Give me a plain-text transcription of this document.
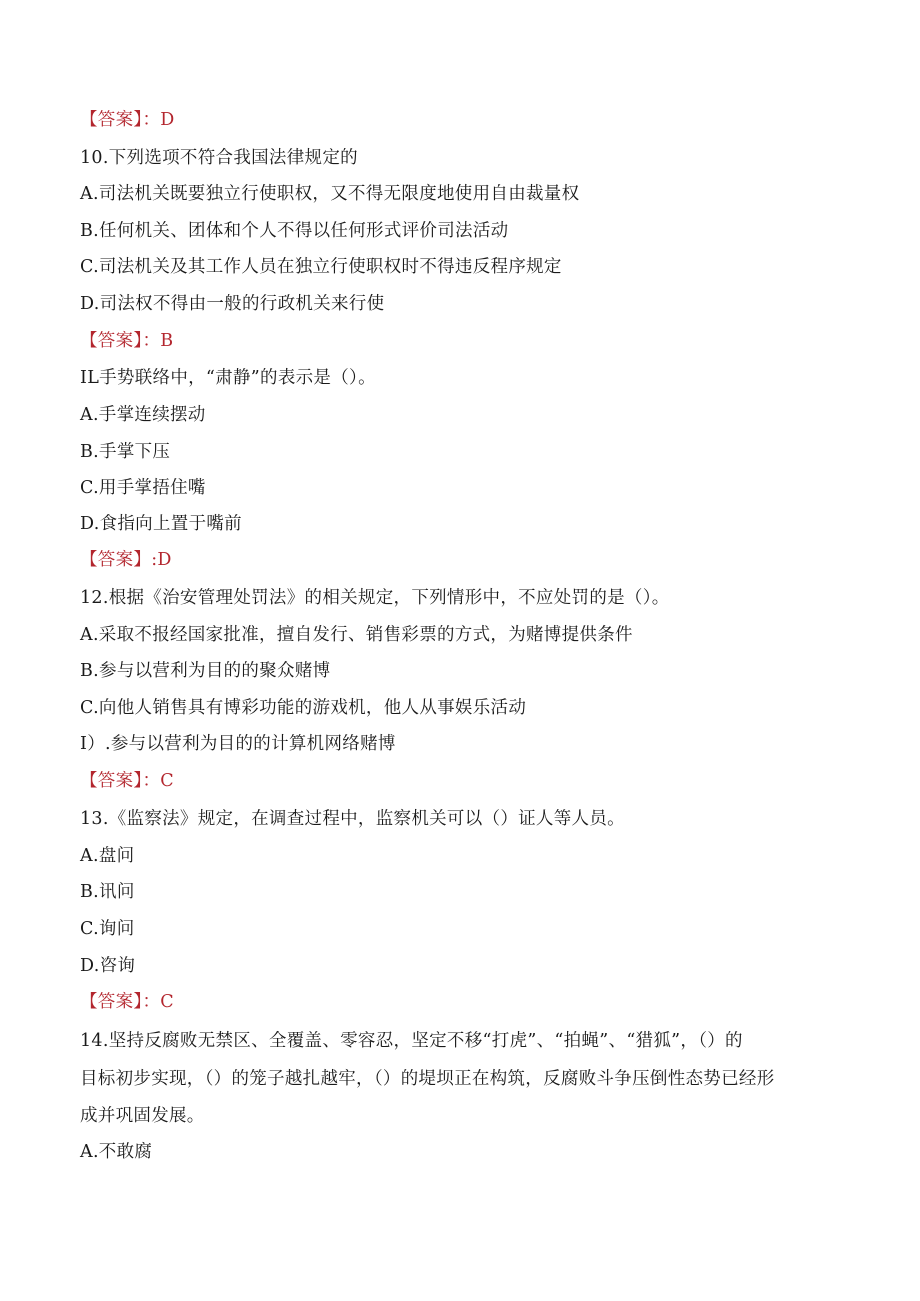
【答案】：D
10.下列选项不符合我国法律规定的
A.司法机关既要独立行使职权，又不得无限度地使用自由裁量权
B.任何机关、团体和个人不得以任何形式评价司法活动
C.司法机关及其工作人员在独立行使职权时不得违反程序规定
D.司法权不得由一般的行政机关来行使
【答案】：B
IL手势联络中，“肃静”的表示是（）。
A.手掌连续摆动
B.手掌下压
C.用手掌捂住嘴
D.食指向上置于嘴前
【答案】:D
12.根据《治安管理处罚法》的相关规定，下列情形中，不应处罚的是（）。
A.采取不报经国家批准，擅自发行、销售彩票的方式，为赌博提供条件
B.参与以营利为目的的聚众赌博
C.向他人销售具有博彩功能的游戏机，他人从事娱乐活动
I）.参与以营利为目的的计算机网络赌博
【答案】：C
13.《监察法》规定，在调查过程中，监察机关可以（）证人等人员。
A.盘问
B.讯问
C.询问
D.咨询
【答案】：C
14.坚持反腐败无禁区、全覆盖、零容忍，坚定不移“打虎”、“拍蝇”、“猎狐”，（）的
目标初步实现，（）的笼子越扎越牢，（）的堤坝正在构筑，反腐败斗争压倒性态势已经形
成并巩固发展。
A.不敢腐
